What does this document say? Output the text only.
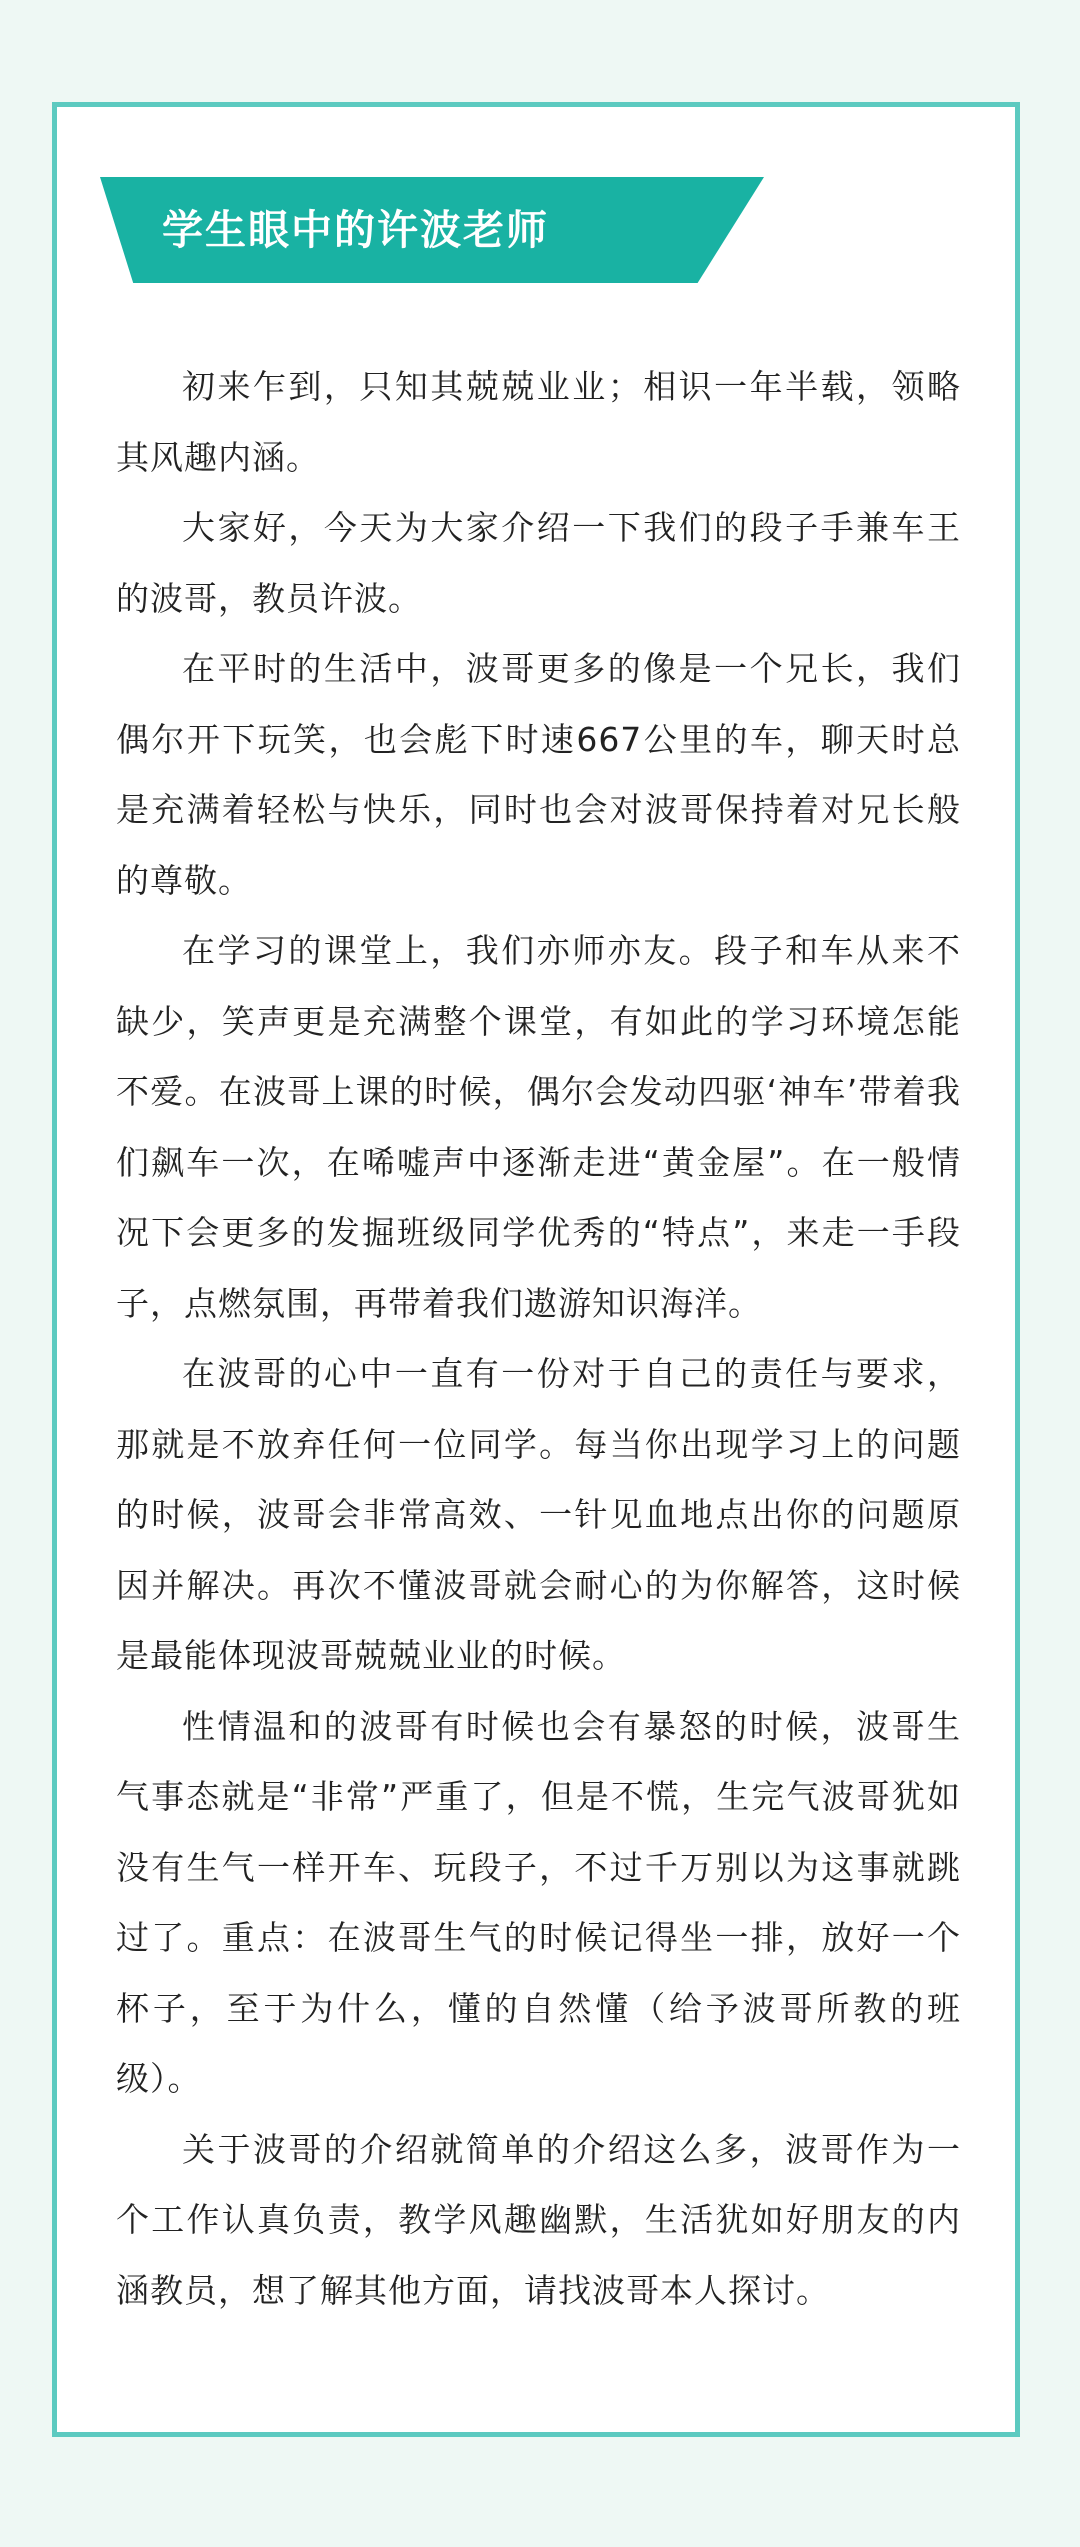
学生眼中的许波老师

初来乍到，只知其兢兢业业；相识一年半载，领略其风趣内涵。

大家好，今天为大家介绍一下我们的段子手兼车王的波哥，教员许波。

在平时的生活中，波哥更多的像是一个兄长，我们偶尔开下玩笑，也会彪下时速667公里的车，聊天时总是充满着轻松与快乐，同时也会对波哥保持着对兄长般的尊敬。

在学习的课堂上，我们亦师亦友。段子和车从来不缺少，笑声更是充满整个课堂，有如此的学习环境怎能不爱。在波哥上课的时候，偶尔会发动四驱‘神车’带着我们飙车一次，在唏嘘声中逐渐走进“黄金屋”。在一般情况下会更多的发掘班级同学优秀的“特点”，来走一手段子，点燃氛围，再带着我们遨游知识海洋。

在波哥的心中一直有一份对于自己的责任与要求，那就是不放弃任何一位同学。每当你出现学习上的问题的时候，波哥会非常高效、一针见血地点出你的问题原因并解决。再次不懂波哥就会耐心的为你解答，这时候是最能体现波哥兢兢业业的时候。

性情温和的波哥有时候也会有暴怒的时候，波哥生气事态就是“非常”严重了，但是不慌，生完气波哥犹如没有生气一样开车、玩段子，不过千万别以为这事就跳过了。重点：在波哥生气的时候记得坐一排，放好一个杯子，至于为什么，懂的自然懂（给予波哥所教的班级）。

关于波哥的介绍就简单的介绍这么多，波哥作为一个工作认真负责，教学风趣幽默，生活犹如好朋友的内涵教员，想了解其他方面，请找波哥本人探讨。
